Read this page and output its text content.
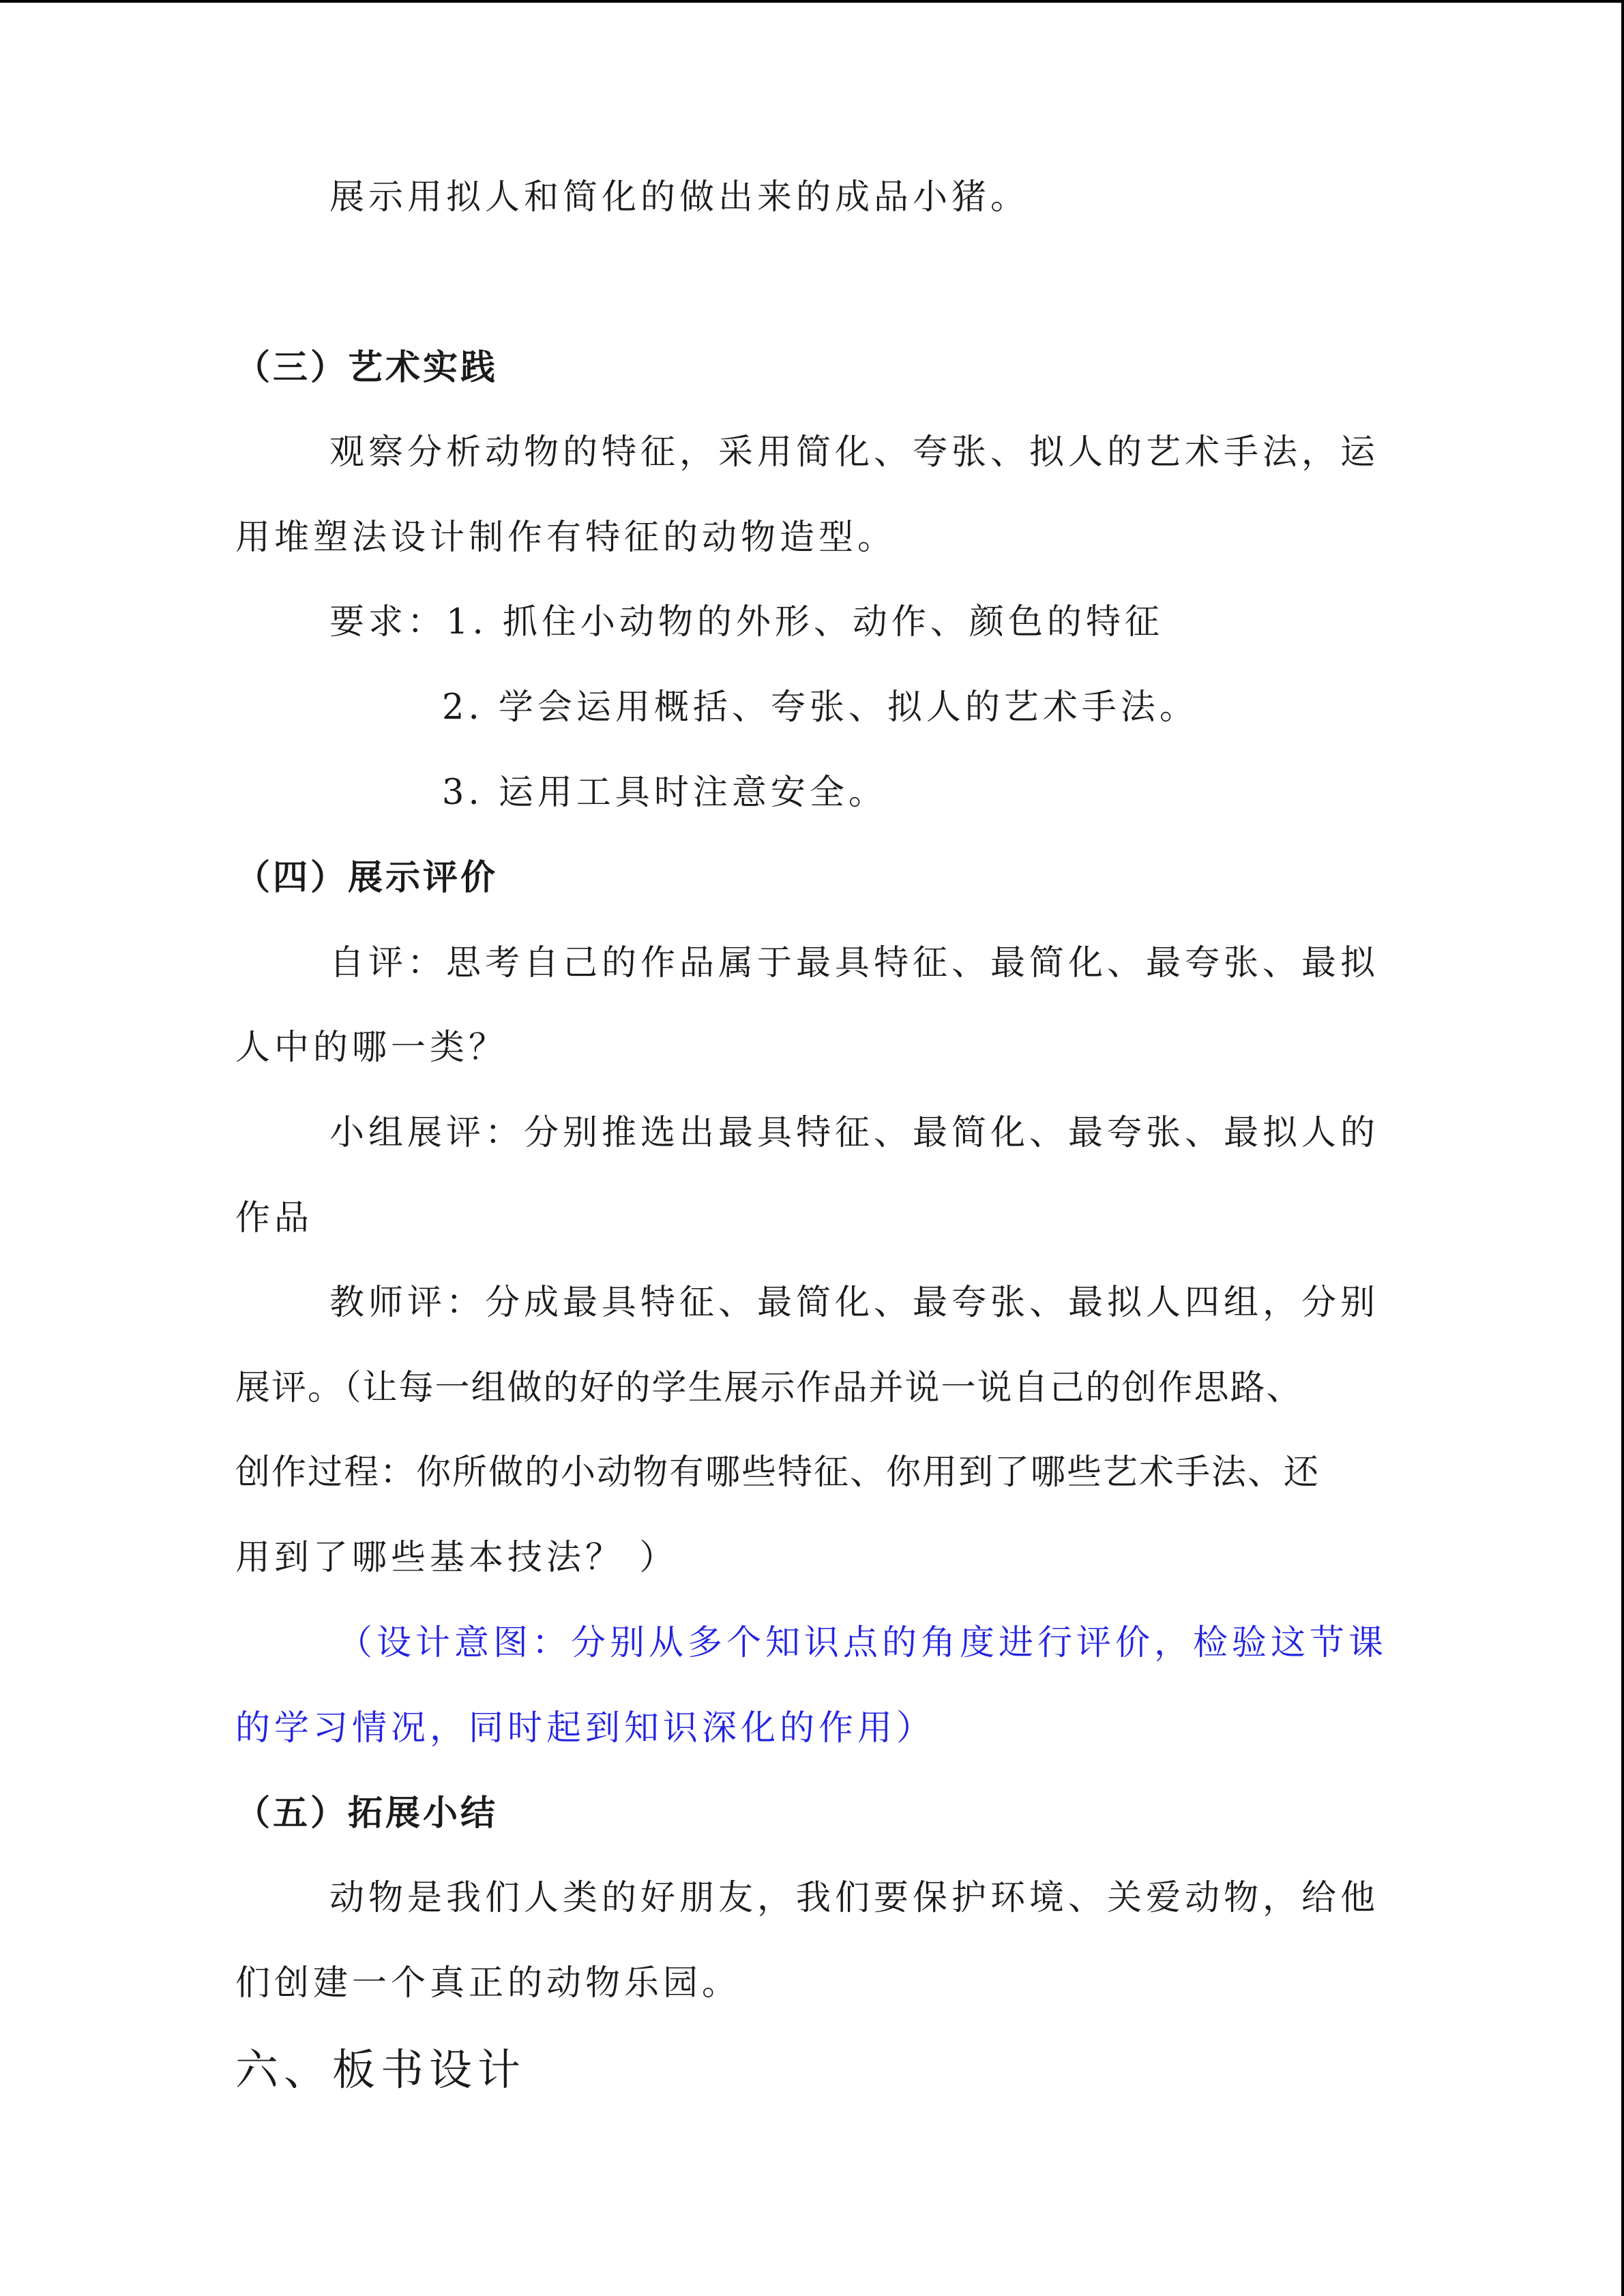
展示用拟人和简化的做出来的成品小猪。
（三）艺术实践
观察分析动物的特征，采用简化、夸张、拟人的艺术手法，运
用堆塑法设计制作有特征的动物造型。
要求：1. 抓住小动物的外形、动作、颜色的特征
2. 学会运用概括、夸张、拟人的艺术手法。
3. 运用工具时注意安全。
（四）展示评价
自评：思考自己的作品属于最具特征、最简化、最夸张、最拟
人中的哪一类？
小组展评：分别推选出最具特征、最简化、最夸张、最拟人的
作品
教师评：分成最具特征、最简化、最夸张、最拟人四组，分别
展评。（让每一组做的好的学生展示作品并说一说自己的创作思路、
创作过程：你所做的小动物有哪些特征、你用到了哪些艺术手法、还
用到了哪些基本技法？ ）
（设计意图：分别从多个知识点的角度进行评价，检验这节课
的学习情况，同时起到知识深化的作用）
（五）拓展小结
动物是我们人类的好朋友，我们要保护环境、关爱动物，给他
们创建一个真正的动物乐园。
六、板书设计
